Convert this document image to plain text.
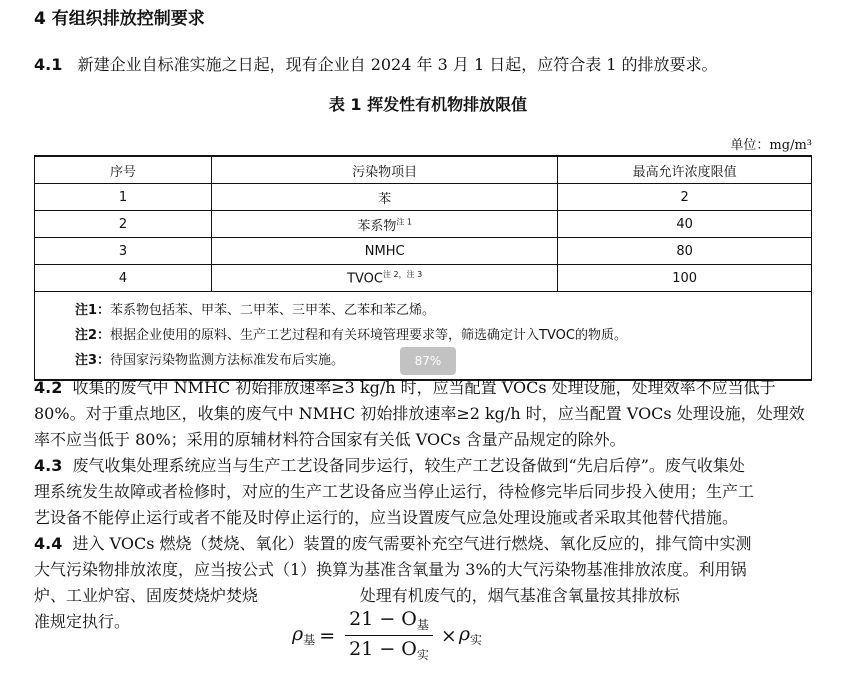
4 有组织排放控制要求
4.1 新建企业自标准实施之日起，现有企业自 2024 年 3 月 1 日起，应符合表 1 的排放要求。
表 1 挥发性有机物排放限值
单位：mg/m³
序号	污染物项目	最高允许浓度限值
1	苯	2
2	苯系物$^{注 1}$	40
3	NMHC	80
4	$TVOC^{注 2,注 3}$	100

注1：苯系物包括苯、甲苯、二甲苯、三甲苯、乙苯和苯乙烯。
注2：根据企业使用的原料、生产工艺过程和有关环境管理要求等，筛选确定计入TVOC的物质。
注3：待国家污染物监测方法标准发布后实施。			87%
4.2 收集的废气中 NMHC 初始排放速率≥3 kg/h 时，应当配置 VOCs 处理设施，处理效率不应当低于
80%。对于重点地区，收集的废气中 NMHC 初始排放速率≥2 kg/h 时，应当配置 VOCs 处理设施，处理效
率不应当低于 80%；采用的原辅材料符合国家有关低 VOCs 含量产品规定的除外。
4.3 废气收集处理系统应当与生产工艺设备同步运行，较生产工艺设备做到“先启后停”。废气收集处
理系统发生故障或者检修时，对应的生产工艺设备应当停止运行，待检修完毕后同步投入使用；生产工
艺设备不能停止运行或者不能及时停止运行的，应当设置废气应急处理设施或者采取其他替代措施。
4.4 进入 VOCs 燃烧（焚烧、氧化）装置的废气需要补充空气进行燃烧、氧化反应的，排气筒中实测
大气污染物排放浓度，应当按公式（1）换算为基准含氧量为 3%的大气污染物基准排放浓度。利用锅
炉、工业炉窑、固废焚烧炉焚烧                    处理有机废气的，烟气基准含氧量按其排放标
准规定执行。
$\rho_基 = \frac{21 - O_基}{21 - O_实} \times \rho_实$
